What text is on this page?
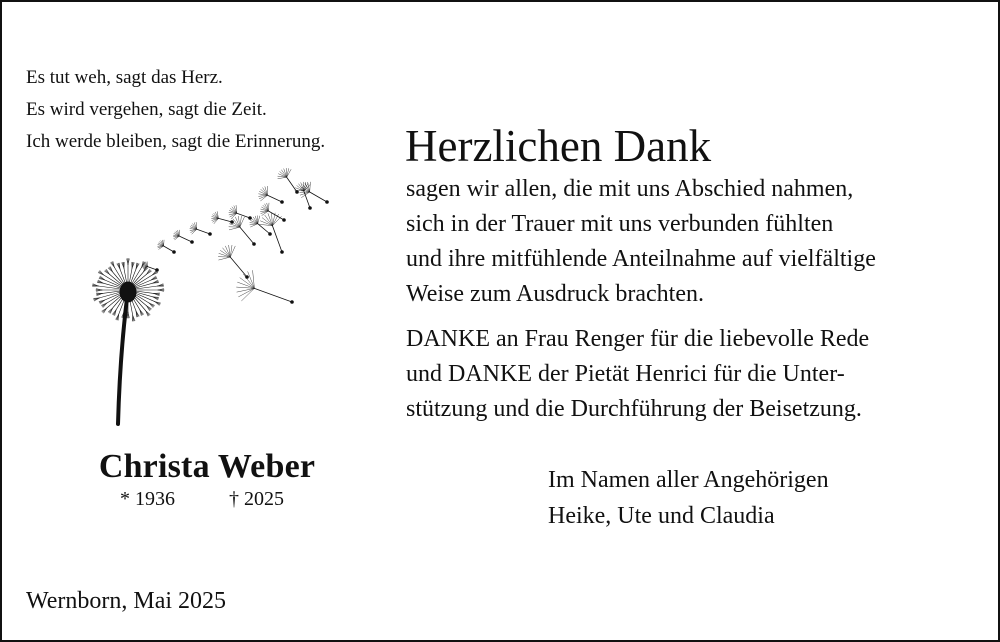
Es tut weh, sagt das Herz.
Es wird vergehen, sagt die Zeit.
Ich werde bleiben, sagt die Erinnerung.
Christa Weber
* 1936	† 2025
Herzlichen Dank
sagen wir allen, die mit uns Abschied nahmen,
sich in der Trauer mit uns verbunden fühlten
und ihre mitfühlende Anteilnahme auf vielfältige
Weise zum Ausdruck brachten.
DANKE an Frau Renger für die liebevolle Rede
und DANKE der Pietät Henrici für die Unter-
stützung und die Durchführung der Beisetzung.
Im Namen aller Angehörigen
Heike, Ute und Claudia
Wernborn, Mai 2025
